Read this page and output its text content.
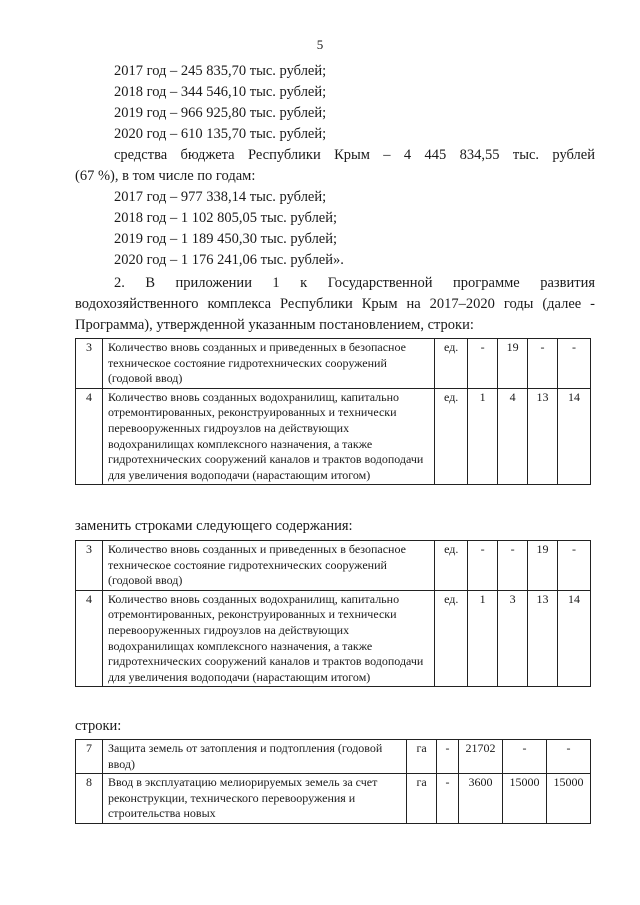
5
2017 год – 245 835,70 тыс. рублей;
2018 год – 344 546,10 тыс. рублей;
2019 год – 966 925,80 тыс. рублей;
2020 год – 610 135,70 тыс. рублей;
средства бюджета Республики Крым – 4 445 834,55 тыс. рублей
(67 %), в том числе по годам:
2017 год – 977 338,14 тыс. рублей;
2018 год – 1 102 805,05 тыс. рублей;
2019 год – 1 189 450,30 тыс. рублей;
2020 год – 1 176 241,06 тыс. рублей».
2. В приложении 1 к Государственной программе развития
водохозяйственного комплекса Республики Крым на 2017–2020 годы (далее -
Программа), утвержденной указанным постановлением, строки:
3	Количество вновь созданных и приведенных в безопасное техническое состояние гидротехнических сооружений (годовой ввод)	ед.	-	19	-	-
4	Количество вновь созданных водохранилищ, капитально отремонтированных, реконструированных и технически перевооруженных гидроузлов на действующих водохранилищах комплексного назначения, а также гидротехнических сооружений каналов и трактов водоподачи для увеличения водоподачи (нарастающим итогом)	ед.	1	4	13	14
заменить строками следующего содержания:
3	Количество вновь созданных и приведенных в безопасное техническое состояние гидротехнических сооружений (годовой ввод)	ед.	-	-	19	-
4	Количество вновь созданных водохранилищ, капитально отремонтированных, реконструированных и технически перевооруженных гидроузлов на действующих водохранилищах комплексного назначения, а также гидротехнических сооружений каналов и трактов водоподачи для увеличения водоподачи (нарастающим итогом)	ед.	1	3	13	14
строки:
7	Защита земель от затопления и подтопления (годовой ввод)	га	-	21702	-	-
8	Ввод в эксплуатацию мелиорируемых земель за счет реконструкции, технического перевооружения и строительства новых	га	-	3600	15000	15000
